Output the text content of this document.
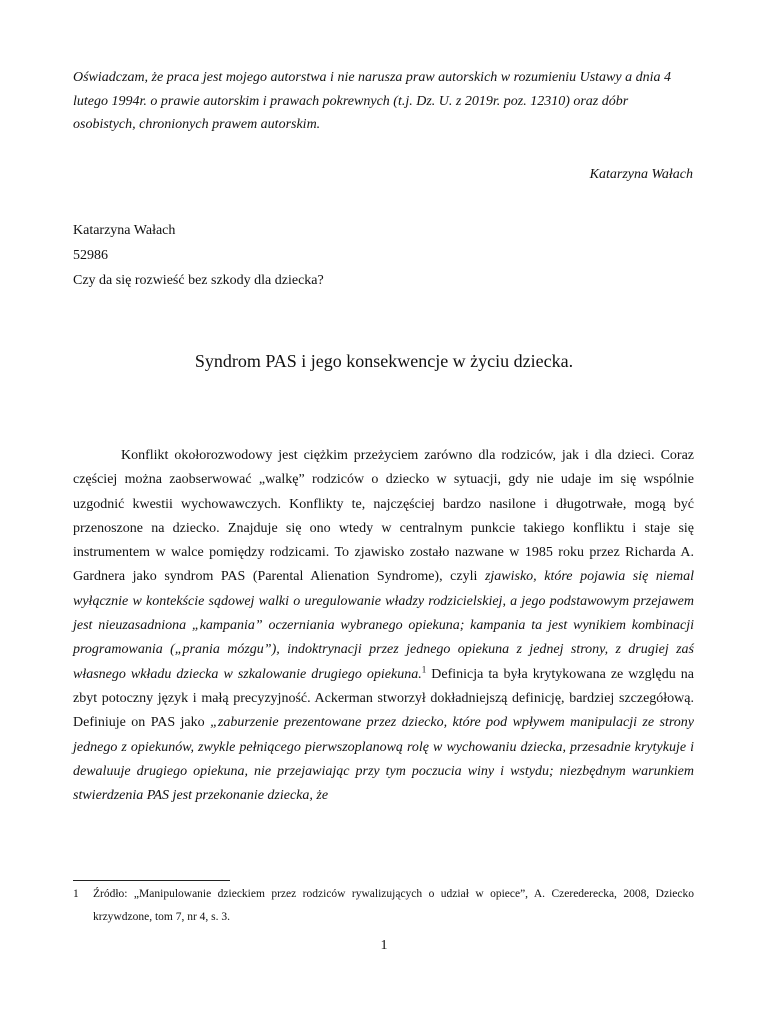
Oświadczam, że praca jest mojego autorstwa i nie narusza praw autorskich w rozumieniu Ustawy a dnia 4 lutego 1994r. o prawie autorskim i prawach pokrewnych (t.j. Dz. U. z 2019r. poz. 12310) oraz dóbr osobistych, chronionych prawem autorskim.

Katarzyna Wałach
Katarzyna Wałach
52986
Czy da się rozwieść bez szkody dla dziecka?
Syndrom PAS i jego konsekwencje w życiu dziecka.

Konflikt okołorozwodowy jest ciężkim przeżyciem zarówno dla rodziców, jak i dla dzieci. Coraz częściej można zaobserwować „walkę” rodziców o dziecko w sytuacji, gdy nie udaje im się wspólnie uzgodnić kwestii wychowawczych. Konflikty te, najczęściej bardzo nasilone i długotrwałe, mogą być przenoszone na dziecko. Znajduje się ono wtedy w centralnym punkcie takiego konfliktu i staje się instrumentem w walce pomiędzy rodzicami. To zjawisko zostało nazwane w 1985 roku przez Richarda A. Gardnera jako syndrom PAS (Parental Alienation Syndrome), czyli zjawisko, które pojawia się niemal wyłącznie w kontekście sądowej walki o uregulowanie władzy rodzicielskiej, a jego podstawowym przejawem jest nieuzasadniona „kampania” oczerniania wybranego opiekuna; kampania ta jest wynikiem kombinacji programowania („prania mózgu”), indoktrynacji przez jednego opiekuna z jednej strony, z drugiej zaś własnego wkładu dziecka w szkalowanie drugiego opiekuna.$^1$ Definicja ta była krytykowana ze względu na zbyt potoczny język i małą precyzyjność. Ackerman stworzył dokładniejszą definicję, bardziej szczegółową. Definiuje on PAS jako „zaburzenie prezentowane przez dziecko, które pod wpływem manipulacji ze strony jednego z opiekunów, zwykle pełniącego pierwszoplanową rolę w wychowaniu dziecka, przesadnie krytykuje i dewaluuje drugiego opiekuna, nie przejawiając przy tym poczucia winy i wstydu; niezbędnym warunkiem stwierdzenia PAS jest przekonanie dziecka, że

1 Źródło: „Manipulowanie dzieckiem przez rodziców rywalizujących o udział w opiece”, A. Czerederecka, 2008, Dziecko krzywdzone, tom 7, nr 4, s. 3.
1
